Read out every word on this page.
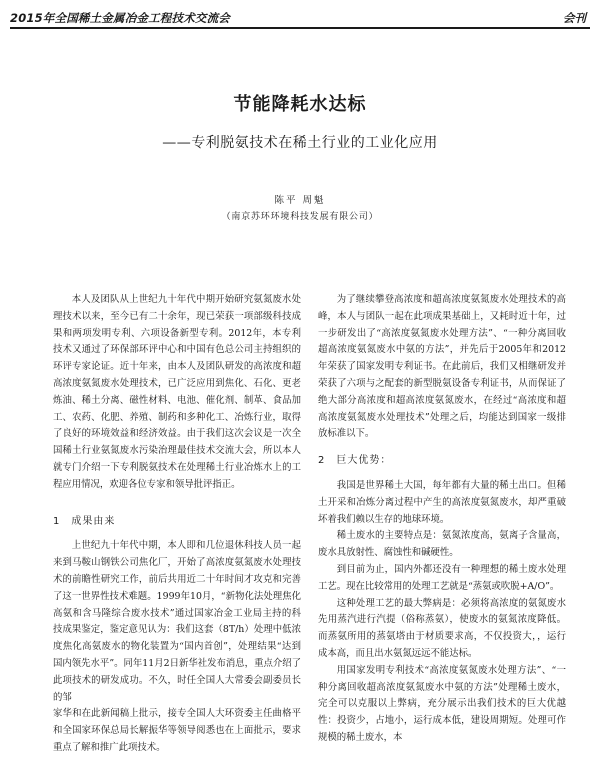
2015年全国稀土金属冶金工程技术交流会	会刊
节能降耗水达标
——专利脱氨技术在稀土行业的工业化应用
陈平 周魁
（南京苏环环境科技发展有限公司）

本人及团队从上世纪九十年代中期开始研究氨氮废水处理技术以来，至今已有二十余年，现已荣获一项部级科技成果和两项发明专利、六项设备新型专利。2012年，本专利技术又通过了环保部环评中心和中国有色总公司主持组织的环评专家论证。近十年来，由本人及团队研发的高浓度和超高浓度氨氮废水处理技术，已广泛应用到焦化、石化、更老炼油、稀土分离、磁性材料、电池、催化剂、制革、食品加工、农药、化肥、养殖、制药和多种化工、冶炼行业，取得了良好的环境效益和经济效益。由于我们这次会议是一次全国稀土行业氨氮废水污染治理最佳技术交流大会，所以本人就专门介绍一下专利脱氨技术在处理稀土行业冶炼水上的工程应用情况，欢迎各位专家和领导批评指正。

1　成果由来

上世纪九十年代中期，本人即和几位退休科技人员一起来到马鞍山钢铁公司焦化厂，开始了高浓度氨氮废水处理技术的前瞻性研究工作，前后共用近二十年时间才攻克和完善了这一世界性技术难题。1999年10月，“新物化法处理焦化高氨和含马隆综合废水技术”通过国家冶金工业局主持的科技成果鉴定，鉴定意见认为：我们这套（8T/h）处理中低浓度焦化高氨废水的物化装置为“国内首创”，处理结果“达到国内领先水平”。同年11月2日新华社发布消息，重点介绍了此项技术的研发成功。不久，时任全国人大常委会副委员长的邹

家华和在此新闻稿上批示，接专全国人大环资委主任曲格平和全国家环保总局长解振华等领导阅悉也在上面批示，要求重点了解和推广此项技术。

为了继续攀登高浓度和超高浓度氨氮废水处理技术的高峰，本人与团队一起在此项成果基础上，又耗时近十年，过一步研发出了“高浓度氨氮废水处理方法”、“一种分离回收超高浓度氨氮废水中氨的方法”，并先后于2005年和2012年荣获了国家发明专利证书。在此前后，我们又相继研发并荣获了六项与之配套的新型脱氨设备专利证书，从而保证了绝大部分高浓度和超高浓度氨氮废水，在经过“高浓度和超高浓度氨氮废水处理技术”处理之后，均能达到国家一级排放标准以下。

2　巨大优势：

我国是世界稀土大国，每年都有大量的稀土出口。但稀土开采和冶炼分离过程中产生的高浓度氨氮废水，却严重破坏着我们赖以生存的地球环境。

稀土废水的主要特点是：氨氮浓度高，氨离子含量高，废水具放射性、腐蚀性和碱硬性。

到目前为止，国内外都还没有一种理想的稀土废水处理工艺。现在比较常用的处理工艺就是“蒸氨或吹脱+A/O”。

这种处理工艺的最大弊病是：必须将高浓度的氨氮废水先用蒸汽进行汽提（俗称蒸氨），使废水的氨氮浓度降低。而蒸氨所用的蒸氨塔由于材质要求高，不仅投资大，，运行成本高，而且出水氨氮远远不能达标。

用国家发明专利技术“高浓度氨氮废水处理方法”、“一种分离回收超高浓度氨氮废水中氨的方法”处理稀土废水，完全可以克服以上弊病，充分展示出我们技术的巨大优越性：投资少，占地小，运行成本低，建设周期短。处理可作规模的稀土废水，本
